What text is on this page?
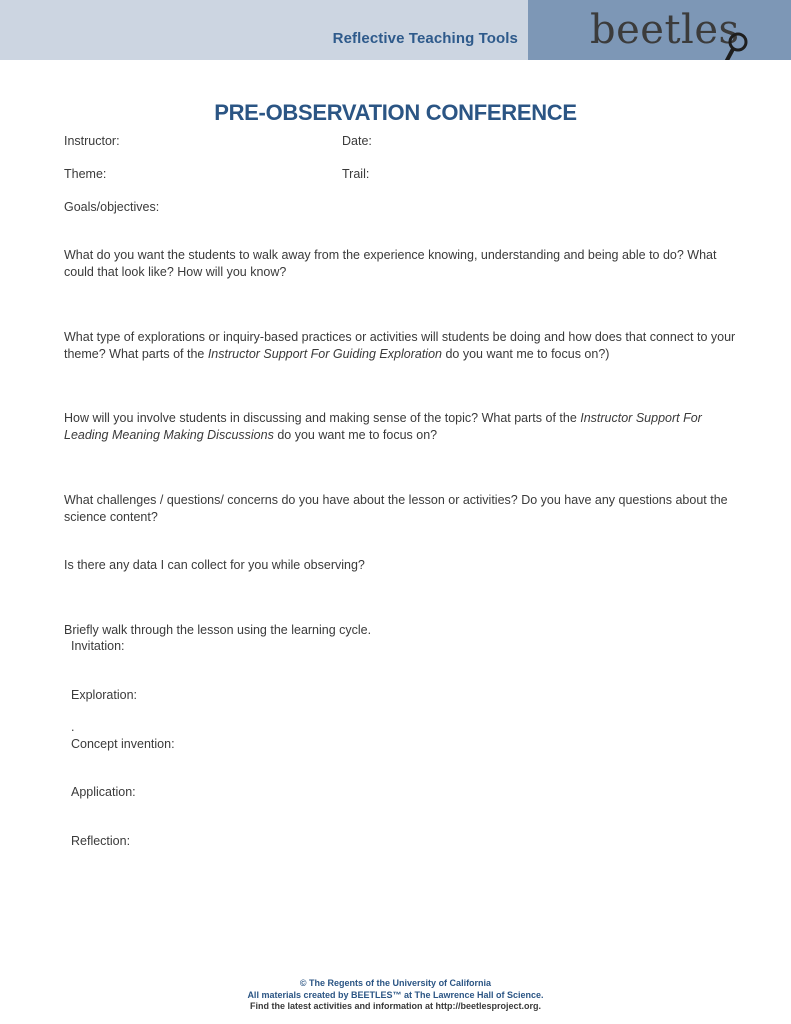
Reflective Teaching Tools beetles
PRE-OBSERVATION CONFERENCE
Instructor:	Date:
Theme:	Trail:
Goals/objectives:
What do you want the students to walk away from the experience knowing, understanding and being able to do? What could that look like? How will you know?
What type of explorations or inquiry-based practices or activities will students be doing and how does that connect to your theme? What parts of the Instructor Support For Guiding Exploration do you want me to focus on?)
How will you involve students in discussing and making sense of the topic? What parts of the Instructor Support For Leading Meaning Making Discussions do you want me to focus on?
What challenges / questions/ concerns do you have about the lesson or activities? Do you have any questions about the science content?
Is there any data I can collect for you while observing?
Briefly walk through the lesson using the learning cycle.
Invitation:
Exploration:
.
Concept invention:
Application:
Reflection:
© The Regents of the University of California
All materials created by BEETLES™ at The Lawrence Hall of Science.
Find the latest activities and information at http://beetlesproject.org.
